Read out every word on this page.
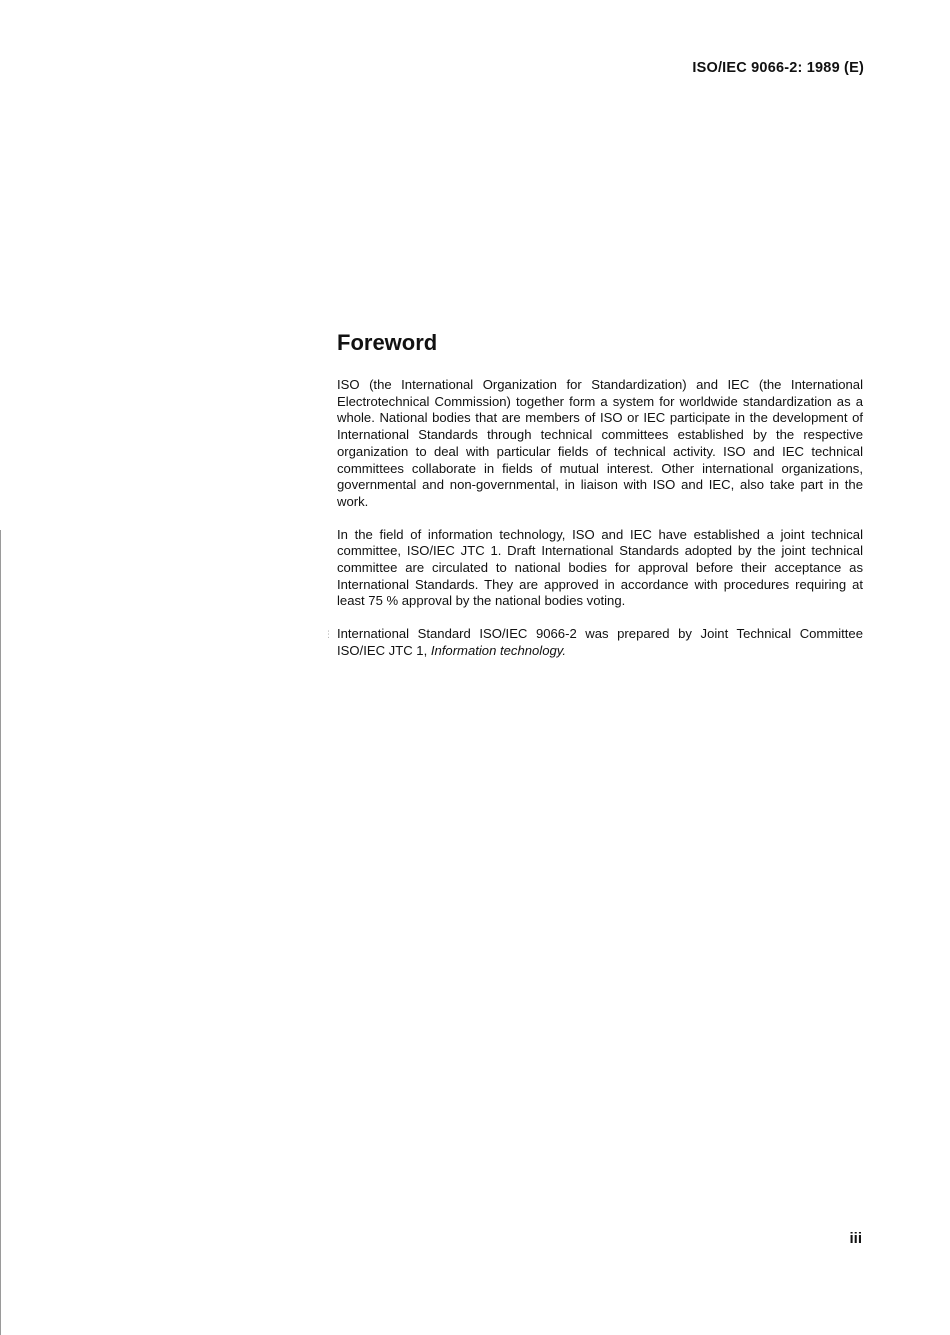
ISO/IEC 9066-2: 1989 (E)
Foreword

ISO (the International Organization for Standardization) and IEC (the International Electrotechnical Commission) together form a system for worldwide standardization as a whole. National bodies that are members of ISO or IEC participate in the development of International Standards through technical committees established by the respective organization to deal with particular fields of technical activity. ISO and IEC technical committees collaborate in fields of mutual interest. Other international organizations, governmental and non-governmental, in liaison with ISO and IEC, also take part in the work.

In the field of information technology, ISO and IEC have established a joint technical committee, ISO/IEC JTC 1. Draft International Standards adopted by the joint technical committee are circulated to national bodies for approval before their acceptance as International Standards. They are approved in accordance with procedures requiring at least 75 % approval by the national bodies voting.

⋮ International Standard ISO/IEC 9066-2 was prepared by Joint Technical Committee ISO/IEC JTC 1, Information technology.

iii
